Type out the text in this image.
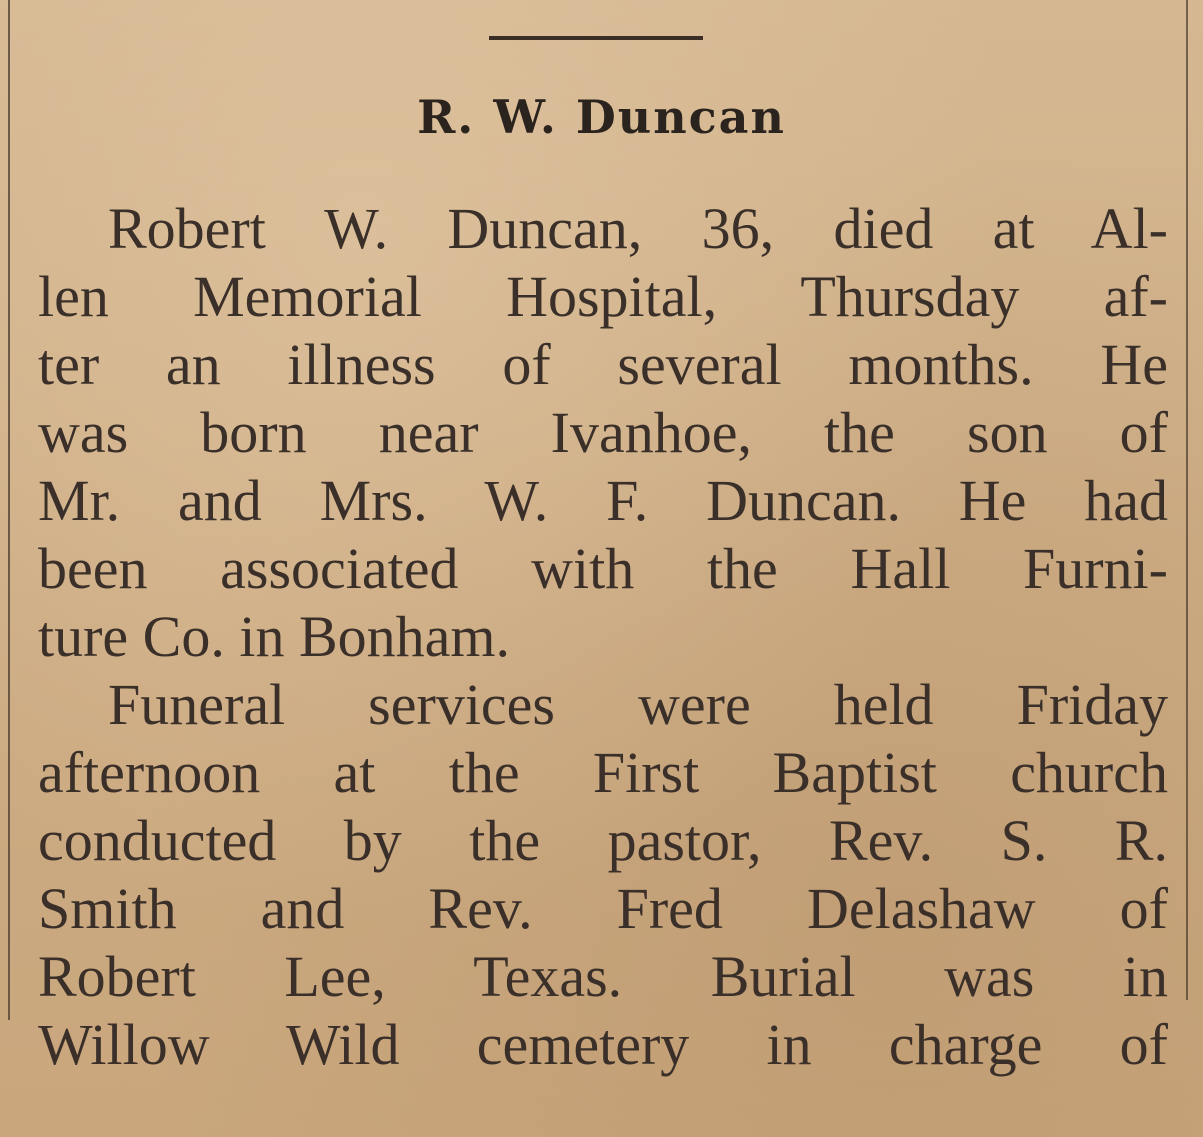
R. W. Duncan
Robert W. Duncan, 36, died at Al-
len Memorial Hospital, Thursday af-
ter an illness of several months. He
was born near Ivanhoe, the son of
Mr. and Mrs. W. F. Duncan. He had
been associated with the Hall Furni-
ture Co. in Bonham.
Funeral services were held Friday
afternoon at the First Baptist church
conducted by the pastor, Rev. S. R.
Smith and Rev. Fred Delashaw of
Robert Lee, Texas. Burial was in
Willow Wild cemetery in charge of
